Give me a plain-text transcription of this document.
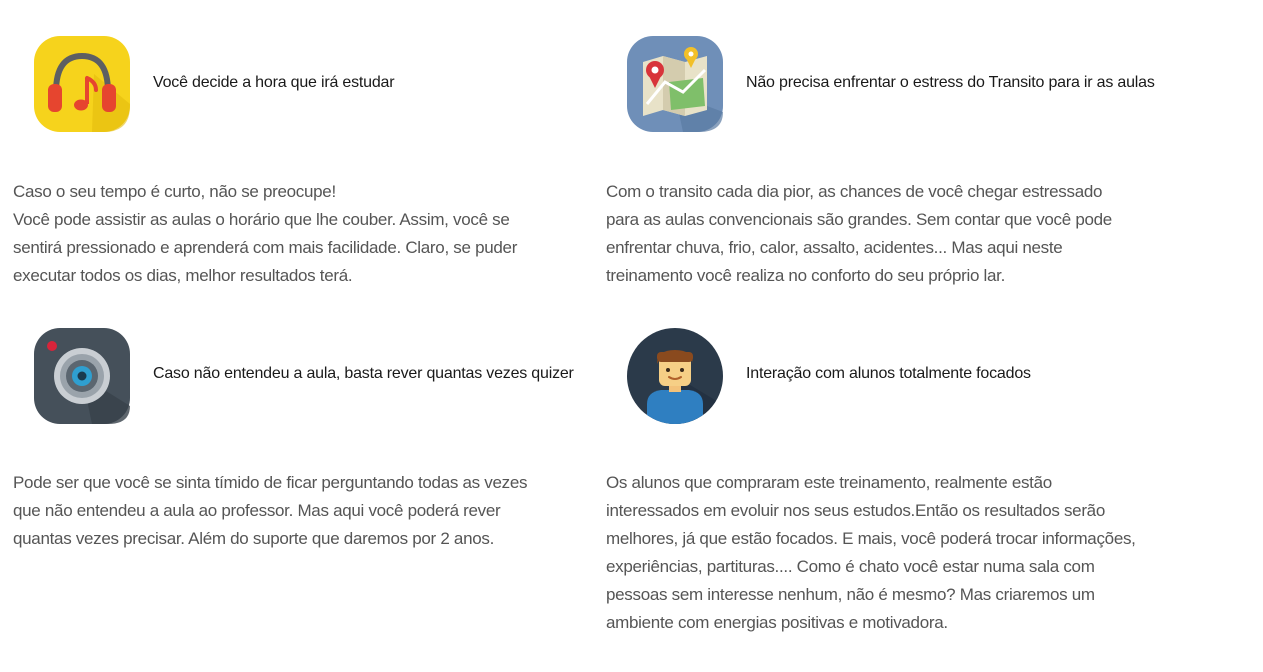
Você decide a hora que irá estudar
Caso o seu tempo é curto, não se preocupe!
Você pode assistir as aulas o horário que lhe couber. Assim, você se
sentirá pressionado e aprenderá com mais facilidade. Claro, se puder
executar todos os dias, melhor resultados terá.
Não precisa enfrentar o estress do Transito para ir as aulas
Com o transito cada dia pior, as chances de você chegar estressado
para as aulas convencionais são grandes. Sem contar que você pode
enfrentar chuva, frio, calor, assalto, acidentes... Mas aqui neste
treinamento você realiza no conforto do seu próprio lar.
Caso não entendeu a aula, basta rever quantas vezes quizer
Pode ser que você se sinta tímido de ficar perguntando todas as vezes
que não entendeu a aula ao professor. Mas aqui você poderá rever
quantas vezes precisar. Além do suporte que daremos por 2 anos.
Interação com alunos totalmente focados
Os alunos que compraram este treinamento, realmente estão
interessados em evoluir nos seus estudos.Então os resultados serão
melhores, já que estão focados. E mais, você poderá trocar informações,
experiências, partituras.... Como é chato você estar numa sala com
pessoas sem interesse nenhum, não é mesmo? Mas criaremos um
ambiente com energias positivas e motivadora.
